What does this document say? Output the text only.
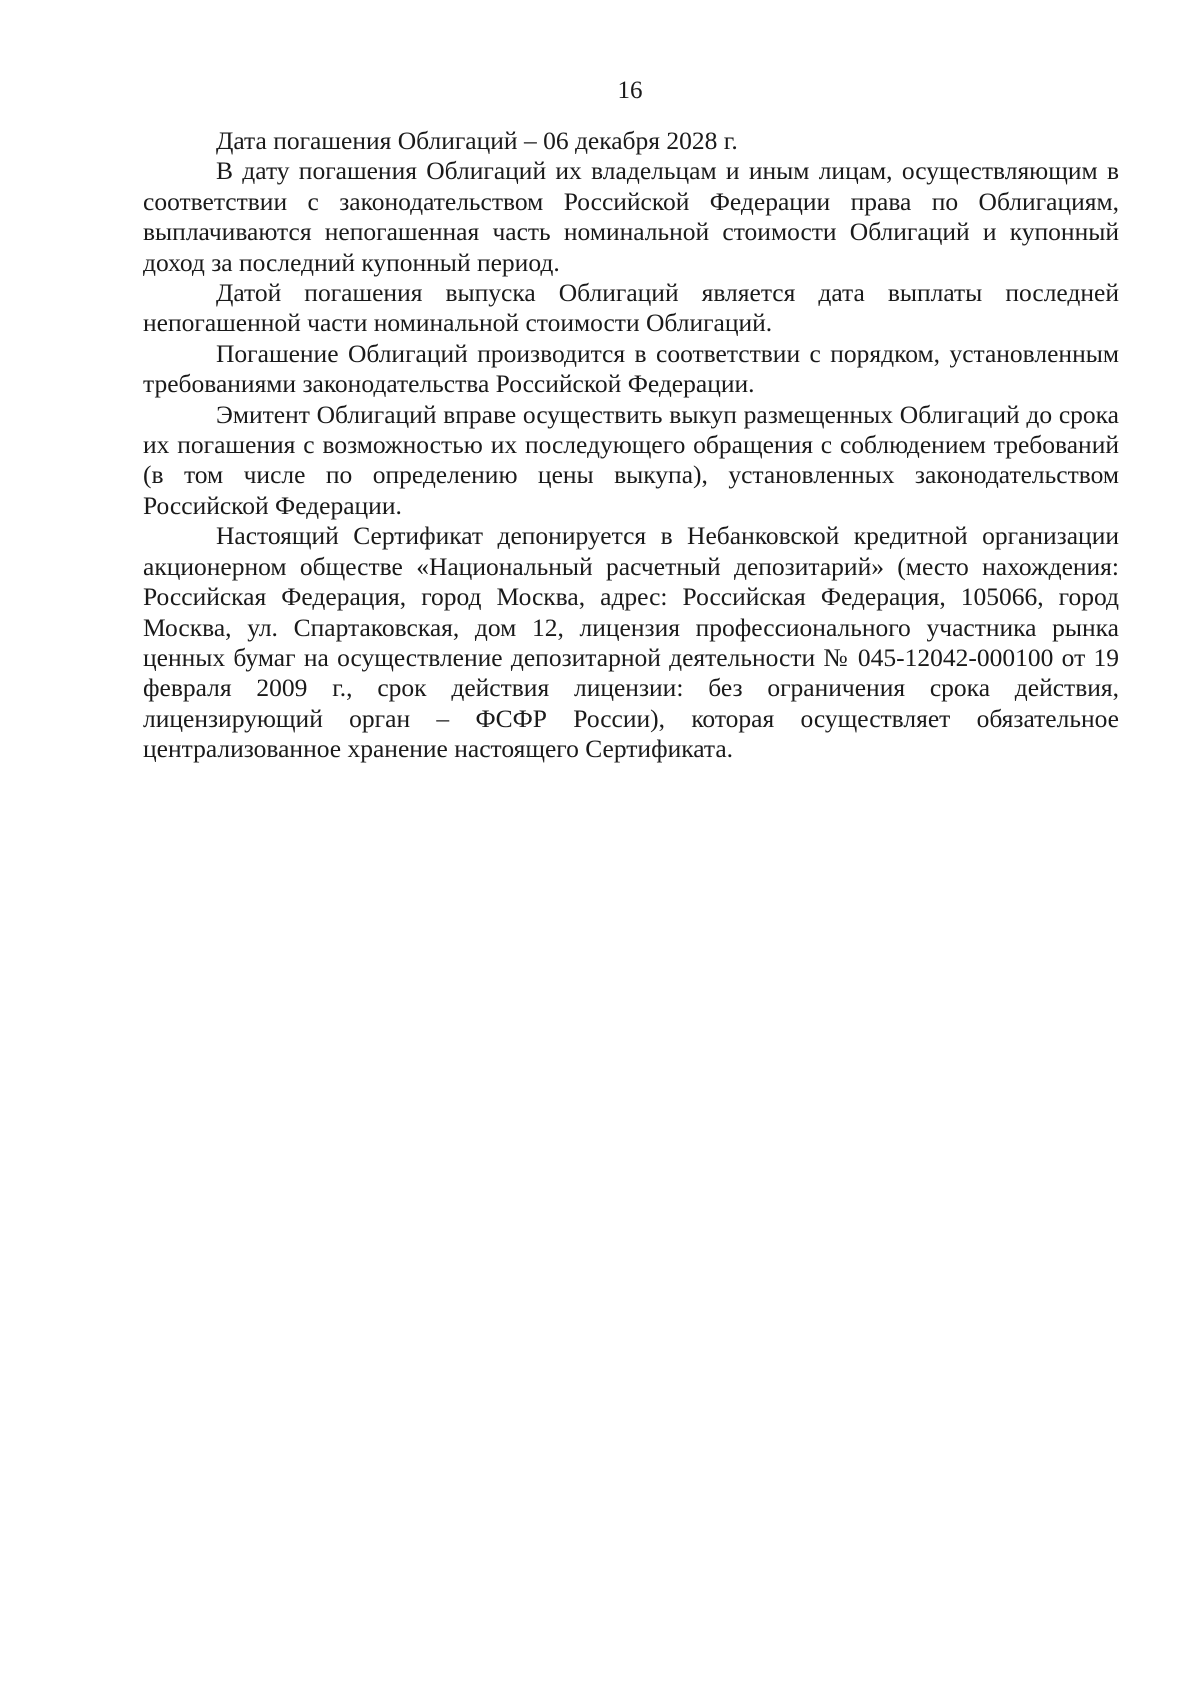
16

Дата погашения Облигаций – 06 декабря 2028 г.

В дату погашения Облигаций их владельцам и иным лицам, осуществляющим в соответствии с законодательством Российской Федерации права по Облигациям, выплачиваются непогашенная часть номинальной стоимости Облигаций и купонный доход за последний купонный период.

Датой погашения выпуска Облигаций является дата выплаты последней непогашенной части номинальной стоимости Облигаций.

Погашение Облигаций производится в соответствии с порядком, установленным требованиями законодательства Российской Федерации.

Эмитент Облигаций вправе осуществить выкуп размещенных Облигаций до срока их погашения с возможностью их последующего обращения с соблюдением требований (в том числе по определению цены выкупа), установленных законодательством Российской Федерации.

Настоящий Сертификат депонируется в Небанковской кредитной организации акционерном обществе «Национальный расчетный депозитарий» (место нахождения: Российская Федерация, город Москва, адрес: Российская Федерация, 105066, город Москва, ул. Спартаковская, дом 12, лицензия профессионального участника рынка ценных бумаг на осуществление депозитарной деятельности № 045-12042-000100 от 19 февраля 2009 г., срок действия лицензии: без ограничения срока действия, лицензирующий орган – ФСФР России), которая осуществляет обязательное централизованное хранение настоящего Сертификата.
